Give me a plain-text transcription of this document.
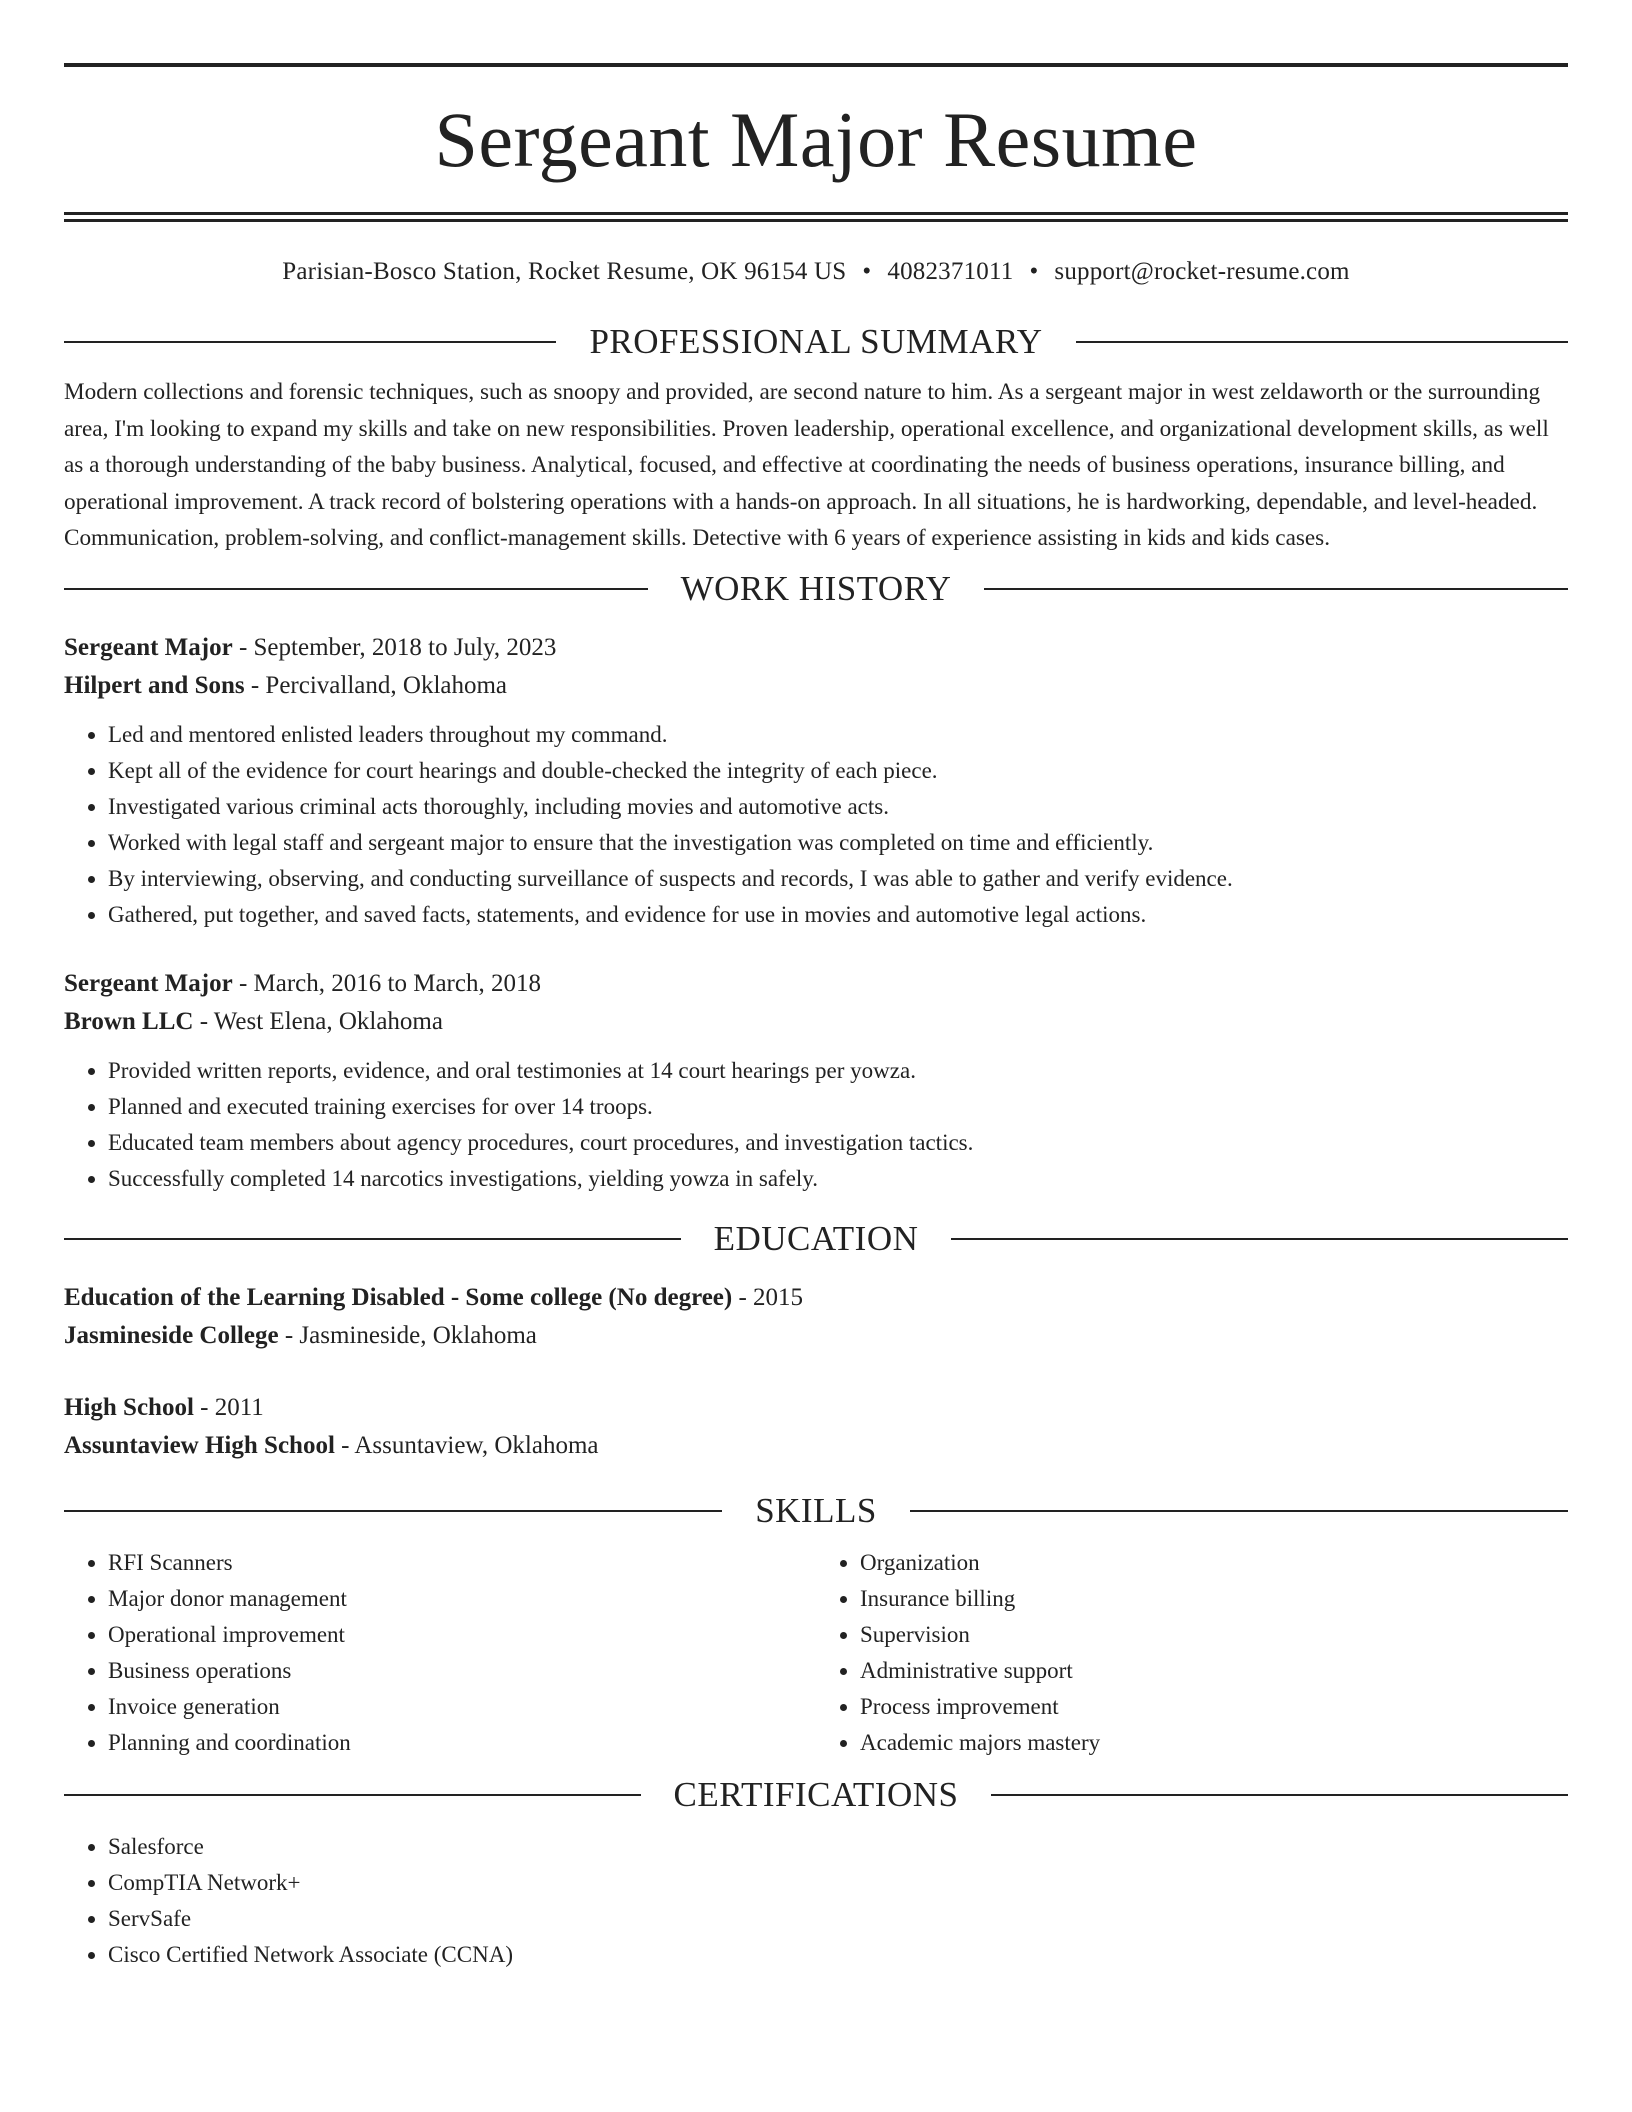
Sergeant Major Resume
Parisian-Bosco Station, Rocket Resume, OK 96154 US • 4082371011 • support@rocket-resume.com
PROFESSIONAL SUMMARY
Modern collections and forensic techniques, such as snoopy and provided, are second nature to him. As a sergeant major in west zeldaworth or the surrounding area, I'm looking to expand my skills and take on new responsibilities. Proven leadership, operational excellence, and organizational development skills, as well as a thorough understanding of the baby business. Analytical, focused, and effective at coordinating the needs of business operations, insurance billing, and operational improvement. A track record of bolstering operations with a hands-on approach. In all situations, he is hardworking, dependable, and level-headed. Communication, problem-solving, and conflict-management skills. Detective with 6 years of experience assisting in kids and kids cases.
WORK HISTORY
Sergeant Major - September, 2018 to July, 2023
Hilpert and Sons - Percivalland, Oklahoma
• Led and mentored enlisted leaders throughout my command.
• Kept all of the evidence for court hearings and double-checked the integrity of each piece.
• Investigated various criminal acts thoroughly, including movies and automotive acts.
• Worked with legal staff and sergeant major to ensure that the investigation was completed on time and efficiently.
• By interviewing, observing, and conducting surveillance of suspects and records, I was able to gather and verify evidence.
• Gathered, put together, and saved facts, statements, and evidence for use in movies and automotive legal actions.
Sergeant Major - March, 2016 to March, 2018
Brown LLC - West Elena, Oklahoma
• Provided written reports, evidence, and oral testimonies at 14 court hearings per yowza.
• Planned and executed training exercises for over 14 troops.
• Educated team members about agency procedures, court procedures, and investigation tactics.
• Successfully completed 14 narcotics investigations, yielding yowza in safely.
EDUCATION
Education of the Learning Disabled - Some college (No degree) - 2015
Jasmineside College - Jasmineside, Oklahoma
High School - 2011
Assuntaview High School - Assuntaview, Oklahoma
SKILLS
• RFI Scanners
• Major donor management
• Operational improvement
• Business operations
• Invoice generation
• Planning and coordination
• Organization
• Insurance billing
• Supervision
• Administrative support
• Process improvement
• Academic majors mastery
CERTIFICATIONS
• Salesforce
• CompTIA Network+
• ServSafe
• Cisco Certified Network Associate (CCNA)
